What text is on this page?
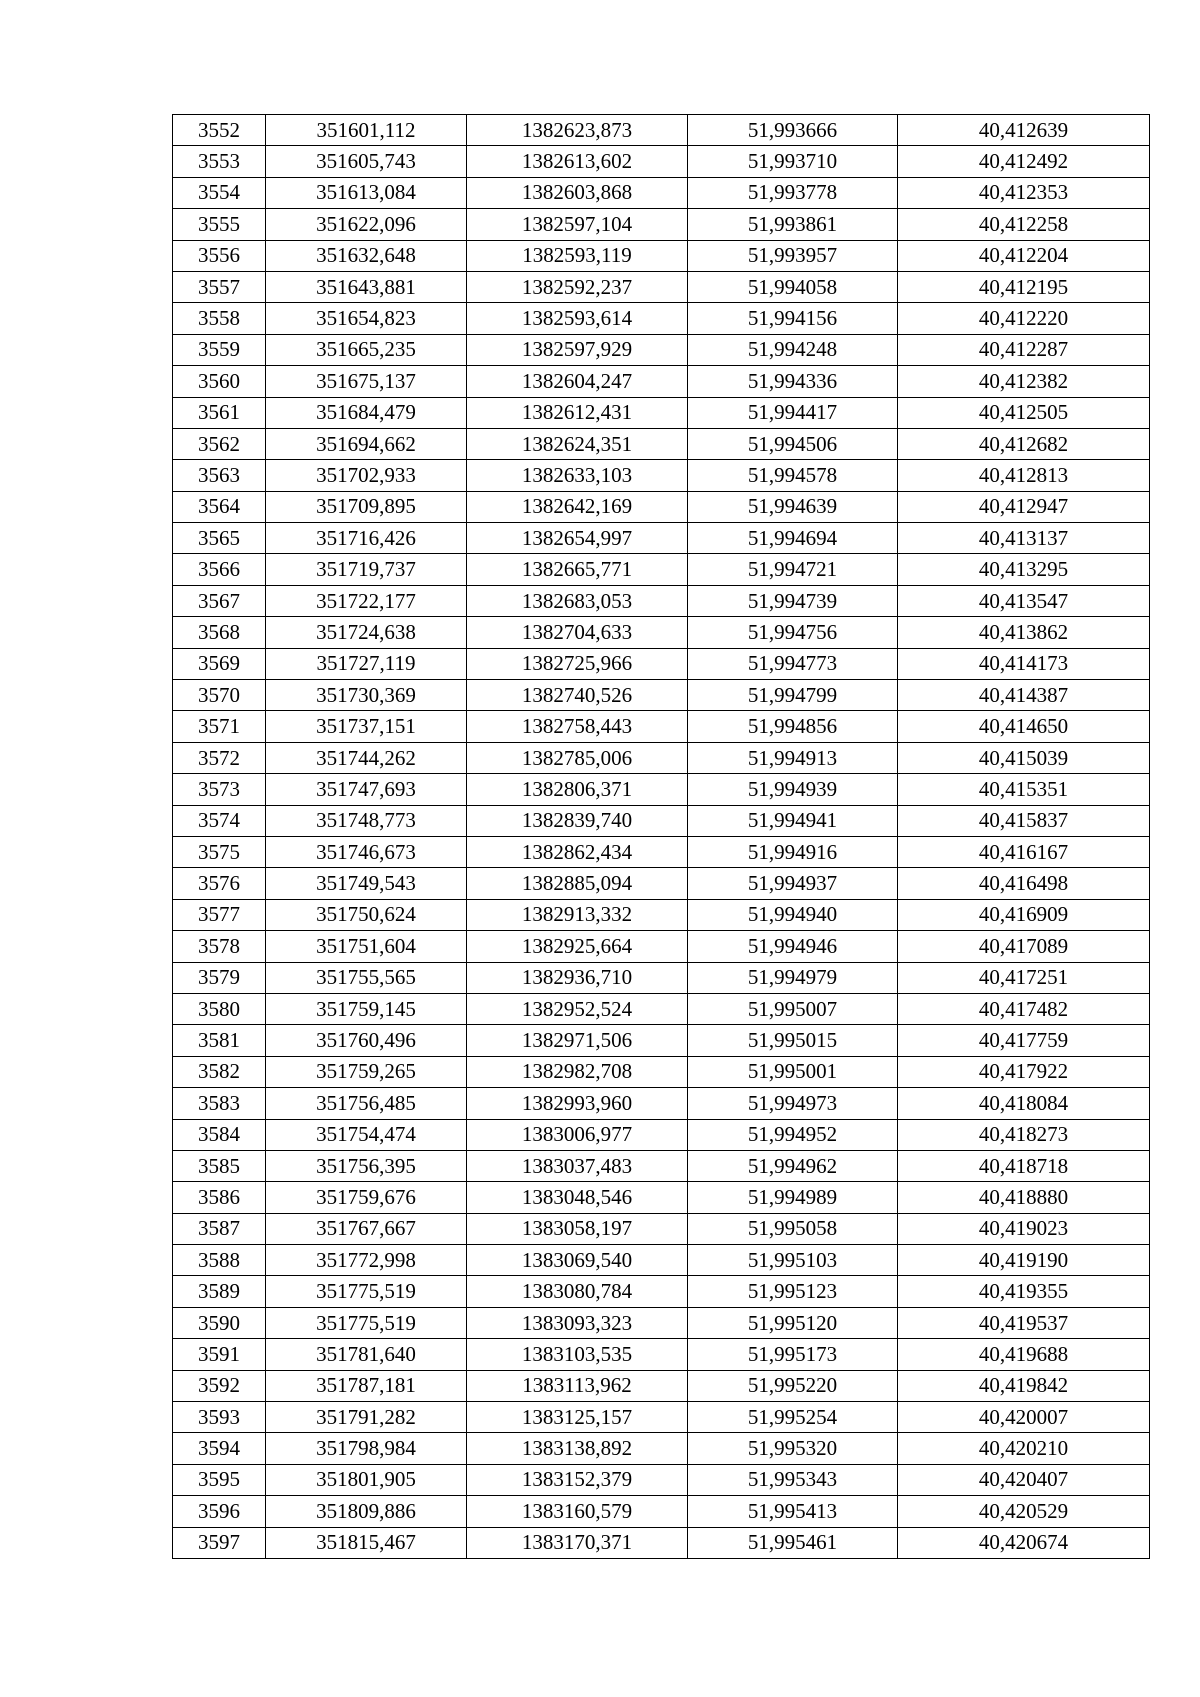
3552	351601,112	1382623,873	51,993666	40,412639
3553	351605,743	1382613,602	51,993710	40,412492
3554	351613,084	1382603,868	51,993778	40,412353
3555	351622,096	1382597,104	51,993861	40,412258
3556	351632,648	1382593,119	51,993957	40,412204
3557	351643,881	1382592,237	51,994058	40,412195
3558	351654,823	1382593,614	51,994156	40,412220
3559	351665,235	1382597,929	51,994248	40,412287
3560	351675,137	1382604,247	51,994336	40,412382
3561	351684,479	1382612,431	51,994417	40,412505
3562	351694,662	1382624,351	51,994506	40,412682
3563	351702,933	1382633,103	51,994578	40,412813
3564	351709,895	1382642,169	51,994639	40,412947
3565	351716,426	1382654,997	51,994694	40,413137
3566	351719,737	1382665,771	51,994721	40,413295
3567	351722,177	1382683,053	51,994739	40,413547
3568	351724,638	1382704,633	51,994756	40,413862
3569	351727,119	1382725,966	51,994773	40,414173
3570	351730,369	1382740,526	51,994799	40,414387
3571	351737,151	1382758,443	51,994856	40,414650
3572	351744,262	1382785,006	51,994913	40,415039
3573	351747,693	1382806,371	51,994939	40,415351
3574	351748,773	1382839,740	51,994941	40,415837
3575	351746,673	1382862,434	51,994916	40,416167
3576	351749,543	1382885,094	51,994937	40,416498
3577	351750,624	1382913,332	51,994940	40,416909
3578	351751,604	1382925,664	51,994946	40,417089
3579	351755,565	1382936,710	51,994979	40,417251
3580	351759,145	1382952,524	51,995007	40,417482
3581	351760,496	1382971,506	51,995015	40,417759
3582	351759,265	1382982,708	51,995001	40,417922
3583	351756,485	1382993,960	51,994973	40,418084
3584	351754,474	1383006,977	51,994952	40,418273
3585	351756,395	1383037,483	51,994962	40,418718
3586	351759,676	1383048,546	51,994989	40,418880
3587	351767,667	1383058,197	51,995058	40,419023
3588	351772,998	1383069,540	51,995103	40,419190
3589	351775,519	1383080,784	51,995123	40,419355
3590	351775,519	1383093,323	51,995120	40,419537
3591	351781,640	1383103,535	51,995173	40,419688
3592	351787,181	1383113,962	51,995220	40,419842
3593	351791,282	1383125,157	51,995254	40,420007
3594	351798,984	1383138,892	51,995320	40,420210
3595	351801,905	1383152,379	51,995343	40,420407
3596	351809,886	1383160,579	51,995413	40,420529
3597	351815,467	1383170,371	51,995461	40,420674
